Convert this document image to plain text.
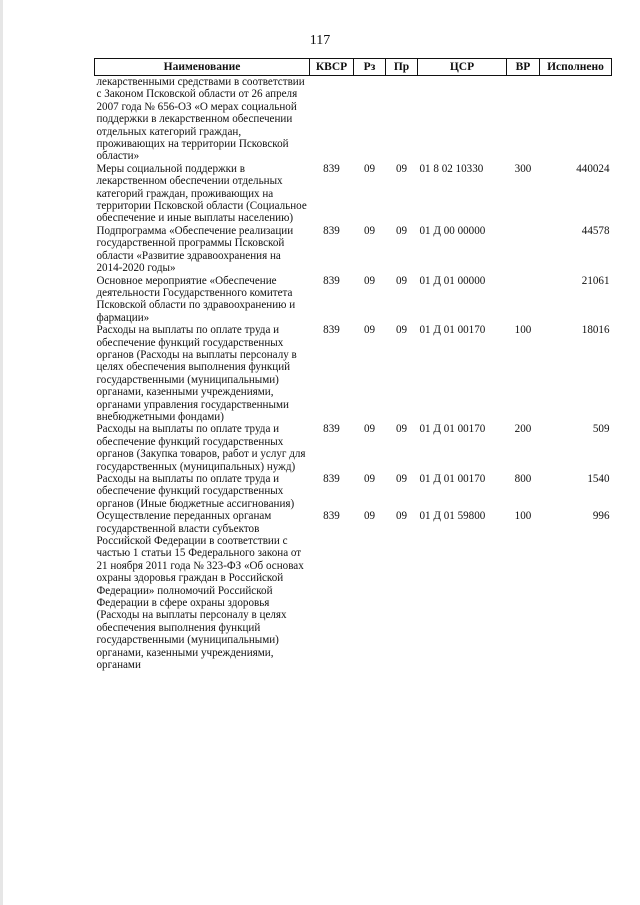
117
Наименование	КВСР	Рз	Пр	ЦСР	ВР	Исполнено
лекарственными средствами в соответствии с Законом Псковской области от 26 апреля 2007 года № 656-ОЗ «О мерах социальной поддержки в лекарственном обеспечении отдельных категорий граждан, проживающих на территории Псковской области»						
Меры социальной поддержки в лекарственном обеспечении отдельных категорий граждан, проживающих на территории Псковской области (Социальное обеспечение и иные выплаты населению)	839	09	09	01 8 02 10330	300	440024
Подпрограмма «Обеспечение реализации государственной программы Псковской области «Развитие здравоохранения на 2014-2020 годы»	839	09	09	01 Д 00 00000		44578
Основное мероприятие «Обеспечение деятельности Государственного комитета Псковской области по здравоохранению и фармации»	839	09	09	01 Д 01 00000		21061
Расходы на выплаты по оплате труда и обеспечение функций государственных органов (Расходы на выплаты персоналу в целях обеспечения выполнения функций государственными (муниципальными) органами, казенными учреждениями, органами управления государственными внебюджетными фондами)	839	09	09	01 Д 01 00170	100	18016
Расходы на выплаты по оплате труда и обеспечение функций государственных органов (Закупка товаров, работ и услуг для государственных (муниципальных) нужд)	839	09	09	01 Д 01 00170	200	509
Расходы на выплаты по оплате труда и обеспечение функций государственных органов (Иные бюджетные ассигнования)	839	09	09	01 Д 01 00170	800	1540
Осуществление переданных органам государственной власти субъектов Российской Федерации в соответствии с частью 1 статьи 15 Федерального закона от 21 ноября 2011 года № 323-ФЗ «Об основах охраны здоровья граждан в Российской Федерации» полномочий Российской Федерации в сфере охраны здоровья (Расходы на выплаты персоналу в целях обеспечения выполнения функций государственными (муниципальными) органами, казенными учреждениями, органами	839	09	09	01 Д 01 59800	100	996
